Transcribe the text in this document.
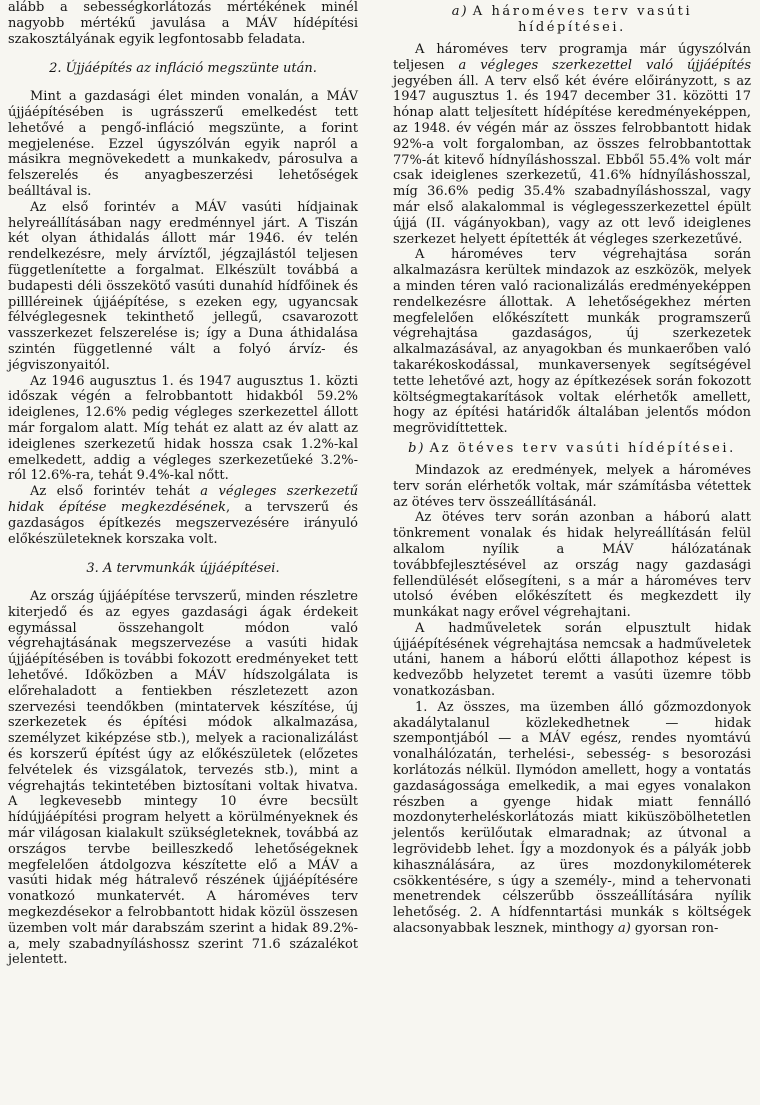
alább a sebességkorlátozás mértékének minél nagyobb mértékű javulása a MÁV hídépítési szakosztályának egyik legfontosabb feladata.

2. Újjáépítés az infláció megszünte után.

Mint a gazdasági élet minden vonalán, a MÁV újjáépítésében is ugrásszerű emelkedést tett lehetővé a pengő-infláció megszünte, a forint megjelenése. Ezzel úgyszólván egyik napról a másikra megnövekedett a munkakedv, párosulva a felszerelés és anyagbeszerzési lehetőségek beálltával is.

Az első forintév a MÁV vasúti hídjainak helyreállításában nagy eredménnyel járt. A Tiszán két olyan áthidalás állott már 1946. év telén rendelkezésre, mely árvíztől, jégzajlástól teljesen függetlenítette a forgalmat. Elkészült továbbá a budapesti déli összekötő vasúti dunahíd hídfőinek és pillléreinek újjáépítése, s ezeken egy, ugyancsak félvéglegesnek tekinthető jellegű, csavarozott vasszerkezet felszerelése is; így a Duna áthidalása szintén függetlenné vált a folyó árvíz- és jégviszonyaitól.

Az 1946 augusztus 1. és 1947 augusztus 1. közti időszak végén a felrobbantott hidakból 59.2% ideiglenes, 12.6% pedig végleges szerkezettel állott már forgalom alatt. Míg tehát ez alatt az év alatt az ideiglenes szerkezetű hidak hossza csak 1.2%-kal emelkedett, addig a végleges szerkezetűeké 3.2%-ról 12.6%-ra, tehát 9.4%-kal nőtt.

Az első forintév tehát a végleges szerkezetű hidak építése megkezdésének, a tervszerű és gazdaságos építkezés megszervezésére irányuló előkészületeknek korszaka volt.

3. A tervmunkák újjáépítései.

Az ország újjáépítése tervszerű, minden részletre kiterjedő és az egyes gazdasági ágak érdekeit egymással összehangolt módon való végrehajtásának megszervezése a vasúti hidak újjáépítésében is további fokozott eredményeket tett lehetővé. Időközben a MÁV hídszolgálata is előrehaladott a fentiekben részletezett azon szervezési teendőkben (mintatervek készítése, új szerkezetek és építési módok alkalmazása, személyzet kiképzése stb.), melyek a racionalizálást és korszerű építést úgy az előkészületek (előzetes felvételek és vizsgálatok, tervezés stb.), mint a végrehajtás tekintetében biztosítani voltak hivatva. A legkevesebb mintegy 10 évre becsült hídújjáépítési program helyett a körülményeknek és már világosan kialakult szükségleteknek, továbbá az országos tervbe beilleszkedő lehetőségeknek megfelelően átdolgozva készítette elő a MÁV a vasúti hidak még hátralevő részének újjáépítésére vonatkozó munkatervét. A hároméves terv megkezdésekor a felrobbantott hidak közül összesen üzemben volt már darabszám szerint a hidak 89.2%-a, mely szabadnyíláshossz szerint 71.6 százalékot jelentett.

a) A hároméves terv vasúti hídépítései.

A hároméves terv programja már úgyszólván teljesen a végleges szerkezettel való újjáépítés jegyében áll. A terv első két évére előirányzott, s az 1947 augusztus 1. és 1947 december 31. közötti 17 hónap alatt teljesített hídépítése keredményeképpen, az 1948. év végén már az összes felrobbantott hidak 92%-a volt forgalomban, az összes felrobbantottak 77%-át kitevő hídnyíláshosszal. Ebből 55.4% volt már csak ideiglenes szerkezetű, 41.6% hídnyíláshosszal, míg 36.6% pedig 35.4% szabadnyíláshosszal, vagy már első alakalommal is véglegesszerkezettel épült újjá (II. vágányokban), vagy az ott levő ideiglenes szerkezet helyett építették át végleges szerkezetűvé.

A hároméves terv végrehajtása során alkalmazásra kerültek mindazok az eszközök, melyek a minden téren való racionalizálás eredményeképpen rendelkezésre állottak. A lehetőségekhez mérten megfelelően előkészített munkák programszerű végrehajtása gazdaságos, új szerkezetek alkalmazásával, az anyagokban és munkaerőben való takarékoskodással, munkaversenyek segítségével tette lehetővé azt, hogy az építkezések során fokozott költségmegtakarítások voltak elérhetők amellett, hogy az építési határidők általában jelentős módon megrövidíttettek.

b) Az ötéves terv vasúti hídépítései.

Mindazok az eredmények, melyek a hároméves terv során elérhetők voltak, már számításba vétettek az ötéves terv összeállításánál.

Az ötéves terv során azonban a háború alatt tönkrement vonalak és hidak helyreállításán felül alkalom nyílik a MÁV hálózatának továbbfejlesztésével az ország nagy gazdasági fellendülését elősegíteni, s a már a hároméves terv utolsó évében előkészített és megkezdett ily munkákat nagy erővel végrehajtani.

A hadműveletek során elpusztult hidak újjáépítésének végrehajtása nemcsak a hadműveletek utáni, hanem a háború előtti állapothoz képest is kedvezőbb helyzetet teremt a vasúti üzemre több vonatkozásban.

1. Az összes, ma üzemben álló gőzmozdonyok akadálytalanul közlekedhetnek — hidak szempontjából — a MÁV egész, rendes nyomtávú vonalhálózatán, terhelési-, sebesség- s besorozási korlátozás nélkül. Ilymódon amellett, hogy a vontatás gazdaságossága emelkedik, a mai egyes vonalakon részben a gyenge hidak miatt fennálló mozdonyterheléskorlátozás miatt kiküszöbölhetetlen jelentős kerülőutak elmaradnak; az útvonal a legrövidebb lehet. Így a mozdonyok és a pályák jobb kihasználására, az üres mozdonykilométerek csökkentésére, s úgy a személy-, mind a tehervonati menetrendek célszerűbb összeállítására nyílik lehetőség. 2. A hídfenntartási munkák s költségek alacsonyabbak lesznek, minthogy a) gyorsan ron-
